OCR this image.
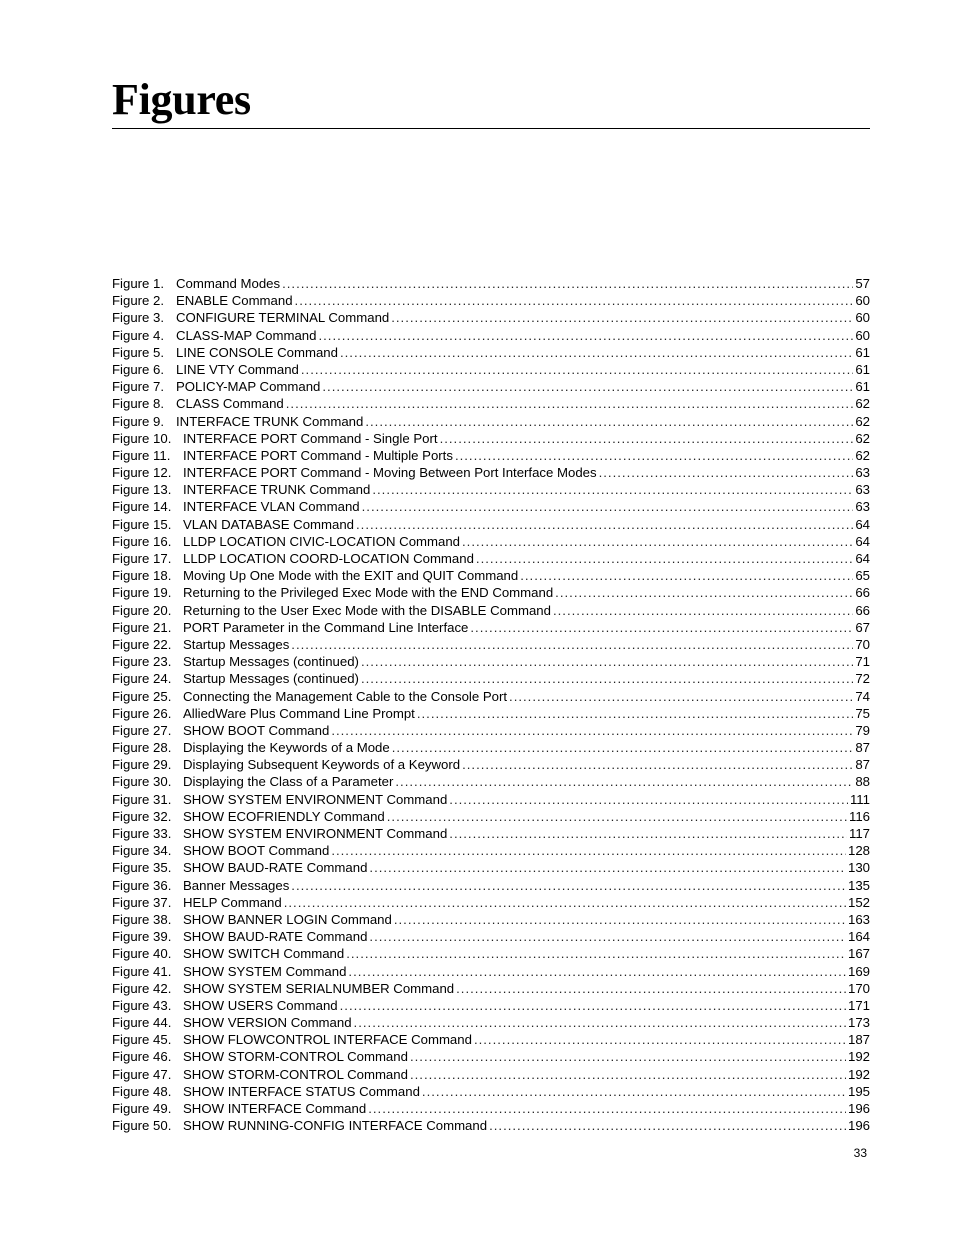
Figures
Figure 1. Command Modes .....	57
Figure 2. ENABLE Command .....	60
Figure 3. CONFIGURE TERMINAL Command .....	60
Figure 4. CLASS-MAP Command .....	60
Figure 5. LINE CONSOLE Command .....	61
Figure 6. LINE VTY Command .....	61
Figure 7. POLICY-MAP Command .....	61
Figure 8. CLASS Command .....	62
Figure 9. INTERFACE TRUNK Command .....	62
Figure 10. INTERFACE PORT Command - Single Port .....	62
Figure 11. INTERFACE PORT Command - Multiple Ports .....	62
Figure 12. INTERFACE PORT Command - Moving Between Port Interface Modes .....	63
Figure 13. INTERFACE TRUNK Command .....	63
Figure 14. INTERFACE VLAN Command .....	63
Figure 15. VLAN DATABASE Command .....	64
Figure 16. LLDP LOCATION CIVIC-LOCATION Command .....	64
Figure 17. LLDP LOCATION COORD-LOCATION Command .....	64
Figure 18. Moving Up One Mode with the EXIT and QUIT Command .....	65
Figure 19. Returning to the Privileged Exec Mode with the END Command .....	66
Figure 20. Returning to the User Exec Mode with the DISABLE Command .....	66
Figure 21. PORT Parameter in the Command Line Interface .....	67
Figure 22. Startup Messages .....	70
Figure 23. Startup Messages (continued) .....	71
Figure 24. Startup Messages (continued) .....	72
Figure 25. Connecting the Management Cable to the Console Port .....	74
Figure 26. AlliedWare Plus Command Line Prompt .....	75
Figure 27. SHOW BOOT Command .....	79
Figure 28. Displaying the Keywords of a Mode .....	87
Figure 29. Displaying Subsequent Keywords of a Keyword .....	87
Figure 30. Displaying the Class of a Parameter .....	88
Figure 31. SHOW SYSTEM ENVIRONMENT Command .....	111
Figure 32. SHOW ECOFRIENDLY Command .....	116
Figure 33. SHOW SYSTEM ENVIRONMENT Command .....	117
Figure 34. SHOW BOOT Command .....	128
Figure 35. SHOW BAUD-RATE Command .....	130
Figure 36. Banner Messages .....	135
Figure 37. HELP Command .....	152
Figure 38. SHOW BANNER LOGIN Command .....	163
Figure 39. SHOW BAUD-RATE Command .....	164
Figure 40. SHOW SWITCH Command .....	167
Figure 41. SHOW SYSTEM Command .....	169
Figure 42. SHOW SYSTEM SERIALNUMBER Command .....	170
Figure 43. SHOW USERS Command .....	171
Figure 44. SHOW VERSION Command .....	173
Figure 45. SHOW FLOWCONTROL INTERFACE Command .....	187
Figure 46. SHOW STORM-CONTROL Command .....	192
Figure 47. SHOW STORM-CONTROL Command .....	192
Figure 48. SHOW INTERFACE STATUS Command .....	195
Figure 49. SHOW INTERFACE Command .....	196
Figure 50. SHOW RUNNING-CONFIG INTERFACE Command .....	196
33
